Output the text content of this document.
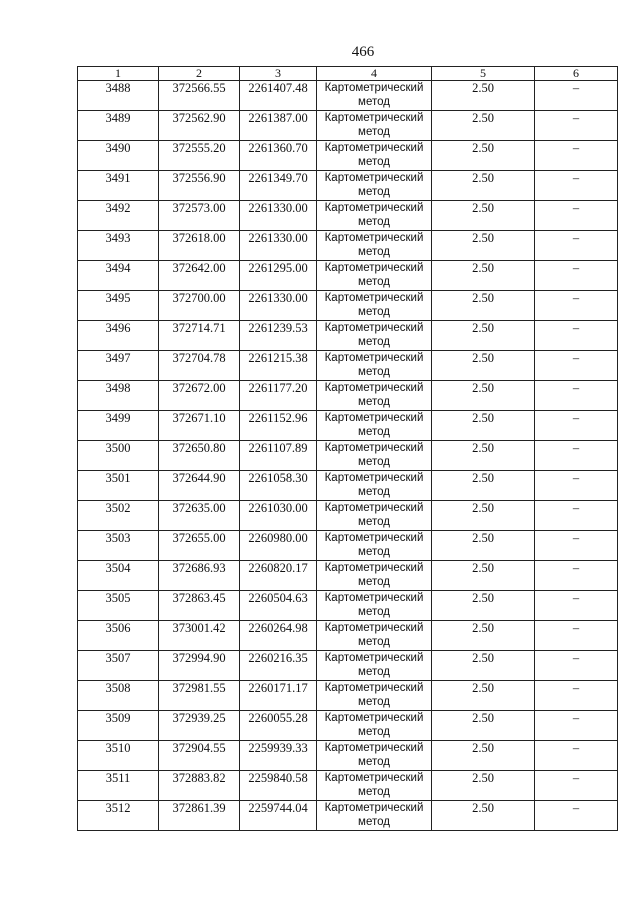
466
1	2	3	4	5	6
3488	372566.55	2261407.48	Картометрический метод	2.50	–
3489	372562.90	2261387.00	Картометрический метод	2.50	–
3490	372555.20	2261360.70	Картометрический метод	2.50	–
3491	372556.90	2261349.70	Картометрический метод	2.50	–
3492	372573.00	2261330.00	Картометрический метод	2.50	–
3493	372618.00	2261330.00	Картометрический метод	2.50	–
3494	372642.00	2261295.00	Картометрический метод	2.50	–
3495	372700.00	2261330.00	Картометрический метод	2.50	–
3496	372714.71	2261239.53	Картометрический метод	2.50	–
3497	372704.78	2261215.38	Картометрический метод	2.50	–
3498	372672.00	2261177.20	Картометрический метод	2.50	–
3499	372671.10	2261152.96	Картометрический метод	2.50	–
3500	372650.80	2261107.89	Картометрический метод	2.50	–
3501	372644.90	2261058.30	Картометрический метод	2.50	–
3502	372635.00	2261030.00	Картометрический метод	2.50	–
3503	372655.00	2260980.00	Картометрический метод	2.50	–
3504	372686.93	2260820.17	Картометрический метод	2.50	–
3505	372863.45	2260504.63	Картометрический метод	2.50	–
3506	373001.42	2260264.98	Картометрический метод	2.50	–
3507	372994.90	2260216.35	Картометрический метод	2.50	–
3508	372981.55	2260171.17	Картометрический метод	2.50	–
3509	372939.25	2260055.28	Картометрический метод	2.50	–
3510	372904.55	2259939.33	Картометрический метод	2.50	–
3511	372883.82	2259840.58	Картометрический метод	2.50	–
3512	372861.39	2259744.04	Картометрический метод	2.50	–
